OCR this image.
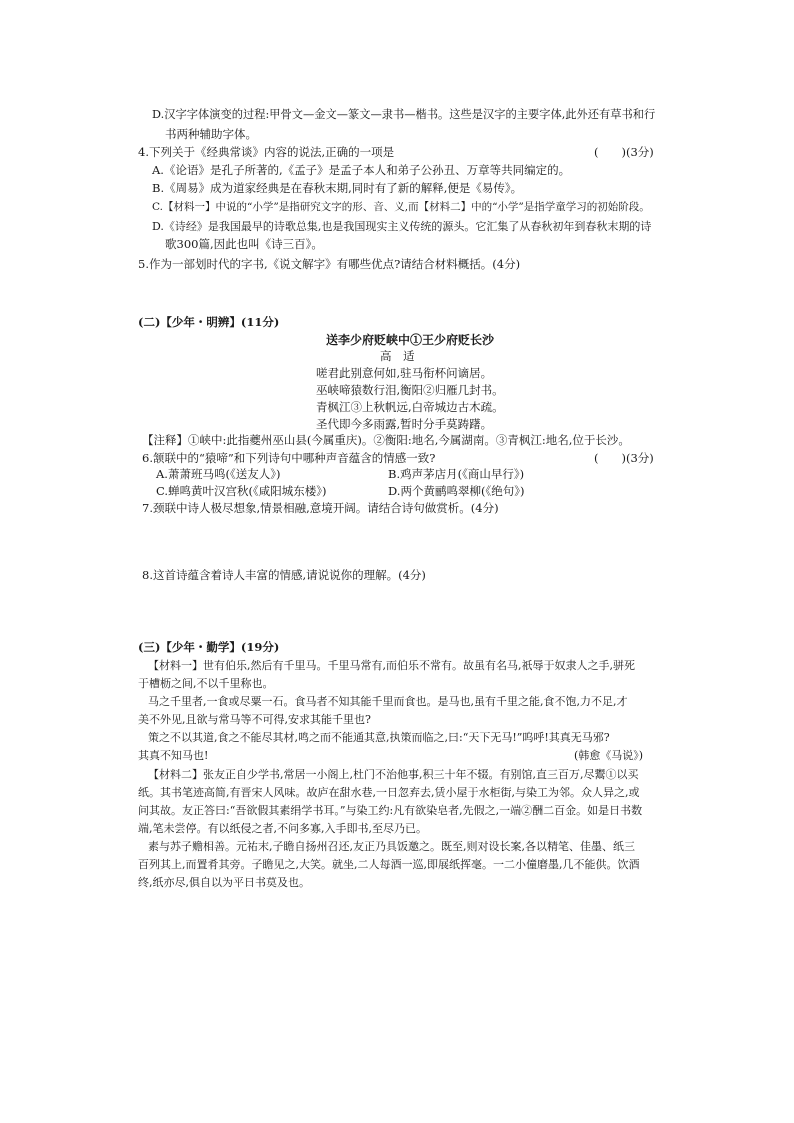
D.汉字字体演变的过程:甲骨文—金文—篆文—隶书—楷书。这些是汉字的主要字体,此外还有草书和行
书两种辅助字体。
4.下列关于《经典常谈》内容的说法,正确的一项是	(　　)(3分)
A.《论语》是孔子所著的,《孟子》是孟子本人和弟子公孙丑、万章等共同编定的。
B.《周易》成为道家经典是在春秋末期,同时有了新的解释,便是《易传》。
C.【材料一】中说的“小学”是指研究文字的形、音、义,而【材料二】中的“小学”是指学童学习的初始阶段。
D.《诗经》是我国最早的诗歌总集,也是我国现实主义传统的源头。它汇集了从春秋初年到春秋末期的诗
歌300篇,因此也叫《诗三百》。
5.作为一部划时代的字书,《说文解字》有哪些优点?请结合材料概括。(4分)
(二)【少年・明辨】(11分)
送李少府贬峡中①王少府贬长沙
高　适
嗟君此别意何如,驻马衔杯问谪居。
巫峡啼猿数行泪,衡阳②归雁几封书。
青枫江③上秋帆远,白帝城边古木疏。
圣代即今多雨露,暂时分手莫踌躇。
【注释】①峡中:此指夔州巫山县(今属重庆)。②衡阳:地名,今属湖南。③青枫江:地名,位于长沙。
6.颔联中的“猿啼”和下列诗句中哪种声音蕴含的情感一致?	(　　)(3分)
A.萧萧班马鸣(《送友人》)	B.鸡声茅店月(《商山早行》)
C.蝉鸣黄叶汉宫秋(《咸阳城东楼》)	D.两个黄鹂鸣翠柳(《绝句》)
7.颈联中诗人极尽想象,情景相融,意境开阔。请结合诗句做赏析。(4分)
8.这首诗蕴含着诗人丰富的情感,请说说你的理解。(4分)
(三)【少年・勤学】(19分)
【材料一】世有伯乐,然后有千里马。千里马常有,而伯乐不常有。故虽有名马,祇辱于奴隶人之手,骈死
于槽枥之间,不以千里称也。
马之千里者,一食或尽粟一石。食马者不知其能千里而食也。是马也,虽有千里之能,食不饱,力不足,才
美不外见,且欲与常马等不可得,安求其能千里也?
策之不以其道,食之不能尽其材,鸣之而不能通其意,执策而临之,曰:“天下无马!”呜呼!其真无马邪?
其真不知马也!	(韩愈《马说》)
【材料二】张友正自少学书,常居一小阁上,杜门不治他事,积三十年不辍。有别馆,直三百万,尽鬻①以买
纸。其书笔迹高简,有晋宋人风味。故庐在甜水巷,一日忽弃去,赁小屋于水柜街,与染工为邻。众人异之,或
问其故。友正答曰:“吾欲假其素绢学书耳。”与染工约:凡有欲染皂者,先假之,一端②酬二百金。如是日书数
端,笔未尝停。有以纸侵之者,不问多寡,入手即书,至尽乃已。
素与苏子赡相善。元祐末,子瞻自扬州召还,友正乃具饭邀之。既至,则对设长案,各以精笔、佳墨、纸三
百列其上,而置肴其旁。子瞻见之,大笑。就坐,二人每酒一巡,即展纸挥毫。一二小僮磨墨,几不能供。饮酒
终,纸亦尽,俱自以为平日书莫及也。
